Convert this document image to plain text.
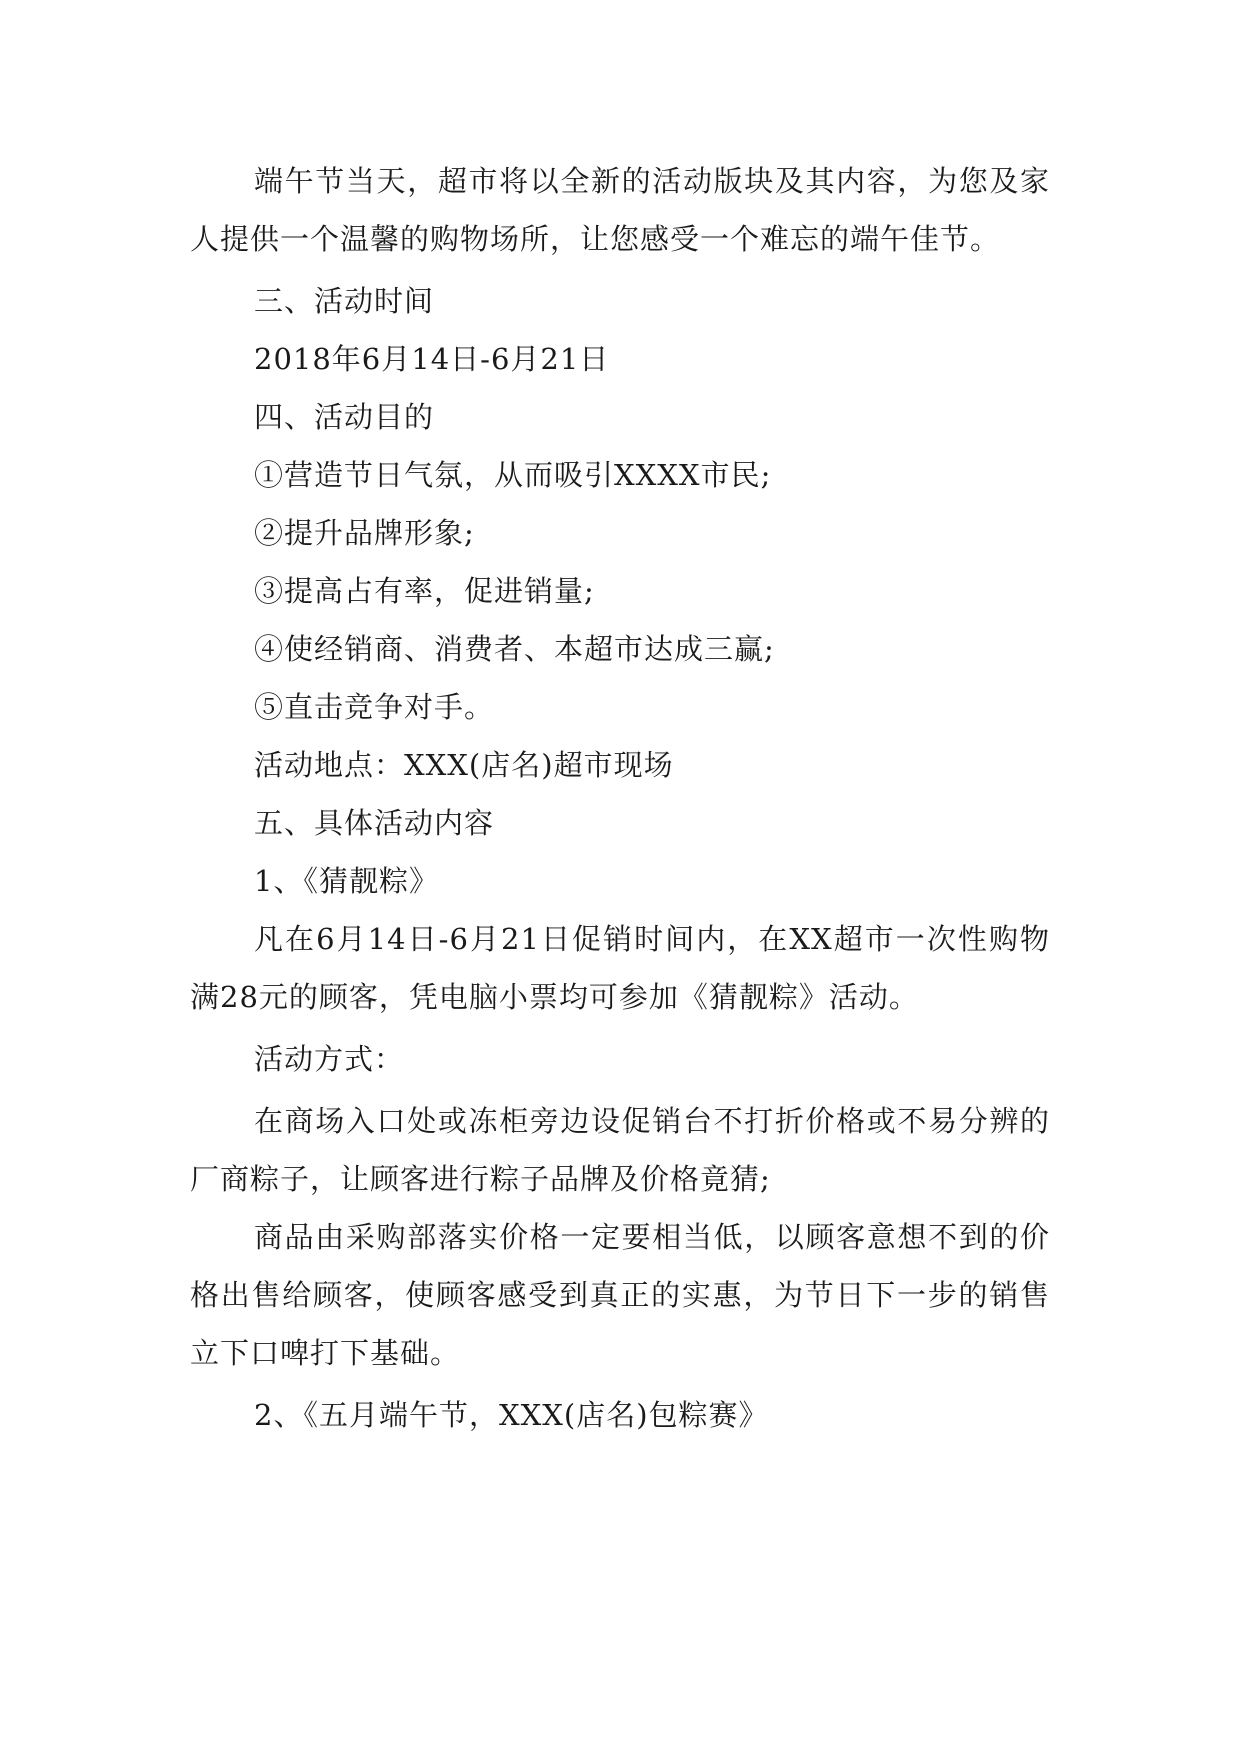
端午节当天，超市将以全新的活动版块及其内容，为您及家人提供一个温馨的购物场所，让您感受一个难忘的端午佳节。

三、活动时间

2018年6月14日-6月21日

四、活动目的

①营造节日气氛，从而吸引XXXX市民;

②提升品牌形象;

③提高占有率，促进销量;

④使经销商、消费者、本超市达成三赢;

⑤直击竞争对手。

活动地点：XXX(店名)超市现场

五、具体活动内容

1、《猜靓粽》

凡在6月14日-6月21日促销时间内，在XX超市一次性购物满28元的顾客，凭电脑小票均可参加《猜靓粽》活动。

活动方式：

在商场入口处或冻柜旁边设促销台不打折价格或不易分辨的厂商粽子，让顾客进行粽子品牌及价格竟猜;

商品由采购部落实价格一定要相当低，以顾客意想不到的价格出售给顾客，使顾客感受到真正的实惠，为节日下一步的销售立下口啤打下基础。

2、《五月端午节，XXX(店名)包粽赛》
